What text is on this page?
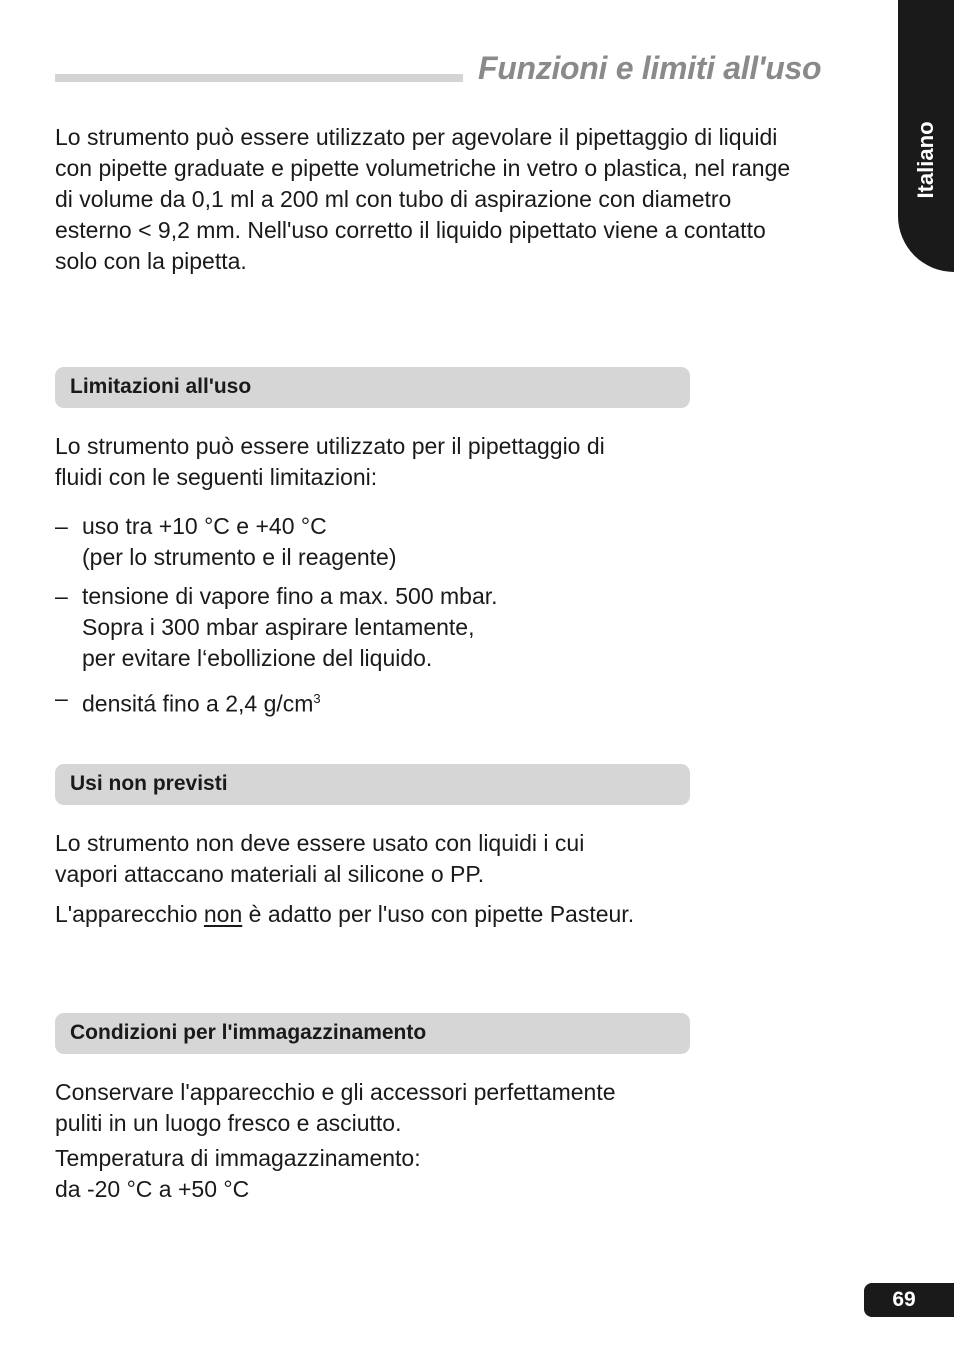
Funzioni e limiti all'uso
Italiano

Lo strumento può essere utilizzato per agevolare il pipettaggio di liquidi
con pipette graduate e pipette volumetriche in vetro o plastica, nel range
di volume da 0,1 ml a 200 ml con tubo di aspirazione con diametro
esterno < 9,2 mm. Nell'uso corretto il liquido pipettato viene a contatto
solo con la pipetta.

Limitazioni all'uso

Lo strumento può essere utilizzato per il pipettaggio di
fluidi con le seguenti limitazioni:

– uso tra +10 °C e +40 °C
(per lo strumento e il reagente)
– tensione di vapore fino a max. 500 mbar.
Sopra i 300 mbar aspirare lentamente,
per evitare l‘ebollizione del liquido.
– densitá fino a 2,4 $g/cm^3$
Usi non previsti

Lo strumento non deve essere usato con liquidi i cui
vapori attaccano materiali al silicone o PP.

L'apparecchio non è adatto per l'uso con pipette Pasteur.

Condizioni per l'immagazzinamento

Conservare l'apparecchio e gli accessori perfettamente
puliti in un luogo fresco e asciutto.

Temperatura di immagazzinamento:
da -20 °C a +50 °C

69
